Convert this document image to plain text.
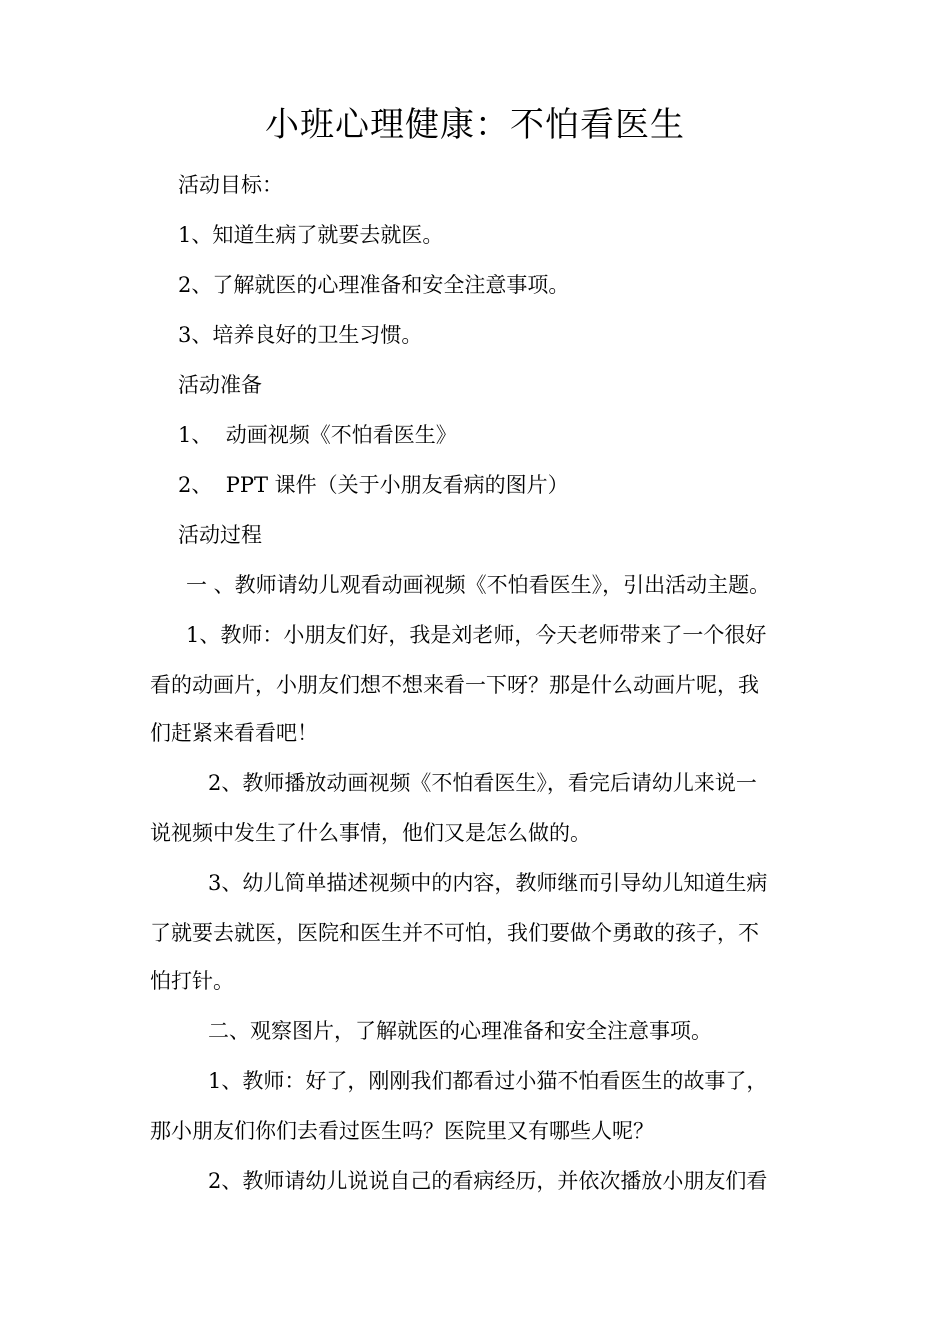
小班心理健康：不怕看医生
活动目标：
1、知道生病了就要去就医。
2、了解就医的心理准备和安全注意事项。
3、培养良好的卫生习惯。
活动准备
1、  动画视频《不怕看医生》
2、  PPT 课件（关于小朋友看病的图片）
活动过程
一 、教师请幼儿观看动画视频《不怕看医生》，引出活动主题。
1、教师：小朋友们好，我是刘老师，今天老师带来了一个很好
看的动画片，小朋友们想不想来看一下呀？那是什么动画片呢，我
们赶紧来看看吧！
2、教师播放动画视频《不怕看医生》，看完后请幼儿来说一
说视频中发生了什么事情，他们又是怎么做的。
3、幼儿简单描述视频中的内容，教师继而引导幼儿知道生病
了就要去就医，医院和医生并不可怕，我们要做个勇敢的孩子，不
怕打针。
二、观察图片，了解就医的心理准备和安全注意事项。
1、教师：好了，刚刚我们都看过小猫不怕看医生的故事了，
那小朋友们你们去看过医生吗？医院里又有哪些人呢？
2、教师请幼儿说说自己的看病经历，并依次播放小朋友们看
